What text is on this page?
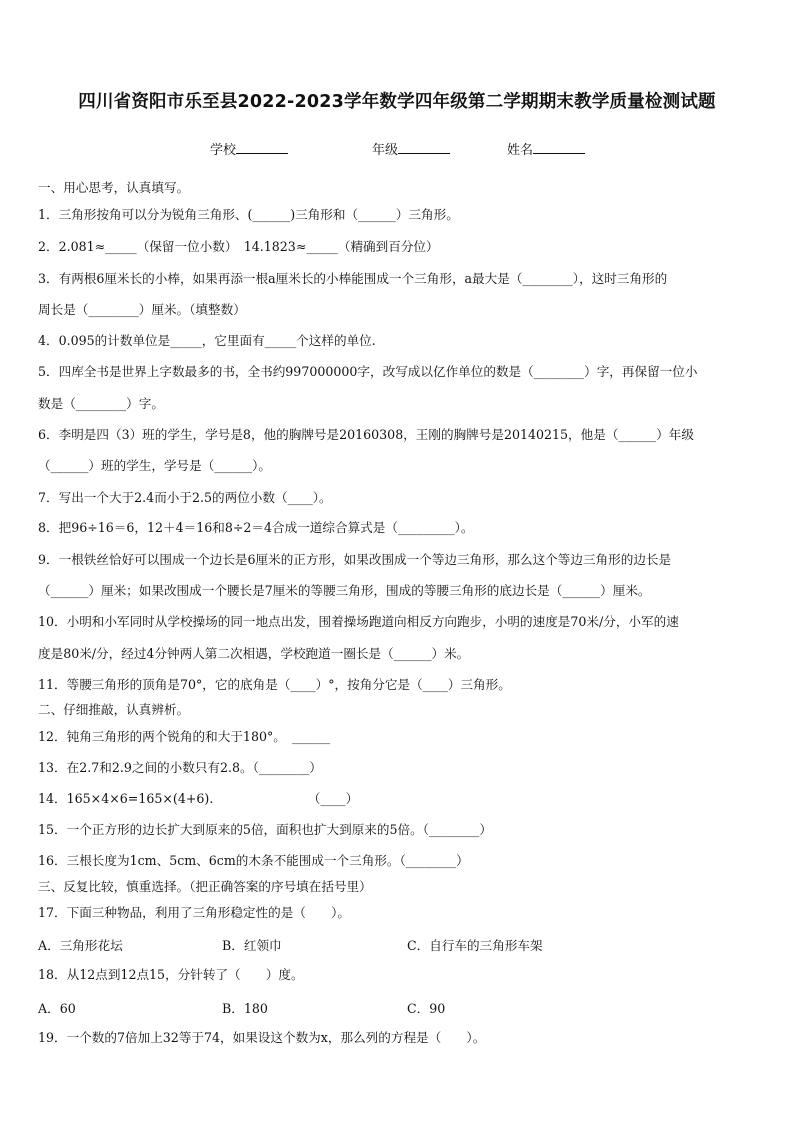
四川省资阳市乐至县2022-2023学年数学四年级第二学期期末教学质量检测试题
学校	年级	姓名
一、用心思考，认真填写。
1．三角形按角可以分为锐角三角形、(______)三角形和（______）三角形。
2．2.081≈_____（保留一位小数）　14.1823≈_____（精确到百分位）
3．有两根6厘米长的小棒，如果再添一根a厘米长的小棒能围成一个三角形，a最大是（________），这时三角形的
周长是（________）厘米。（填整数）
4．0.095的计数单位是_____，它里面有_____个这样的单位.
5．四库全书是世界上字数最多的书，全书约997000000字，改写成以亿作单位的数是（________）字，再保留一位小
数是（________）字。
6．李明是四（3）班的学生，学号是8，他的胸牌号是20160308，王刚的胸牌号是20140215，他是（______）年级
（______）班的学生，学号是（______）。
7．写出一个大于2.4而小于2.5的两位小数（____）。
8．把96÷16＝6，12＋4＝16和8÷2＝4合成一道综合算式是（_________）。
9．一根铁丝恰好可以围成一个边长是6厘米的正方形，如果改围成一个等边三角形，那么这个等边三角形的边长是
（______）厘米；如果改围成一个腰长是7厘米的等腰三角形，围成的等腰三角形的底边长是（______）厘米。
10．小明和小军同时从学校操场的同一地点出发，围着操场跑道向相反方向跑步，小明的速度是70米/分，小军的速
度是80米/分，经过4分钟两人第二次相遇，学校跑道一圈长是（______）米。
11．等腰三角形的顶角是70°，它的底角是（____）°，按角分它是（____）三角形。
二、仔细推敲，认真辨析。
12．钝角三角形的两个锐角的和大于180°。　______
13．在2.7和2.9之间的小数只有2.8。（________）
14．165×4×6=165×(4+6).　　　　　　　　（____）
15．一个正方形的边长扩大到原来的5倍，面积也扩大到原来的5倍。（________）
16．三根长度为1cm、5cm、6cm的木条不能围成一个三角形。（________）
三、反复比较，慎重选择。（把正确答案的序号填在括号里）
17．下面三种物品，利用了三角形稳定性的是（　　）。
A．三角形花坛	B．红领巾	C．自行车的三角形车架
18．从12点到12点15，分针转了（　　）度。
A．60	B．180	C．90
19．一个数的7倍加上32等于74，如果设这个数为x，那么列的方程是（　　）。
